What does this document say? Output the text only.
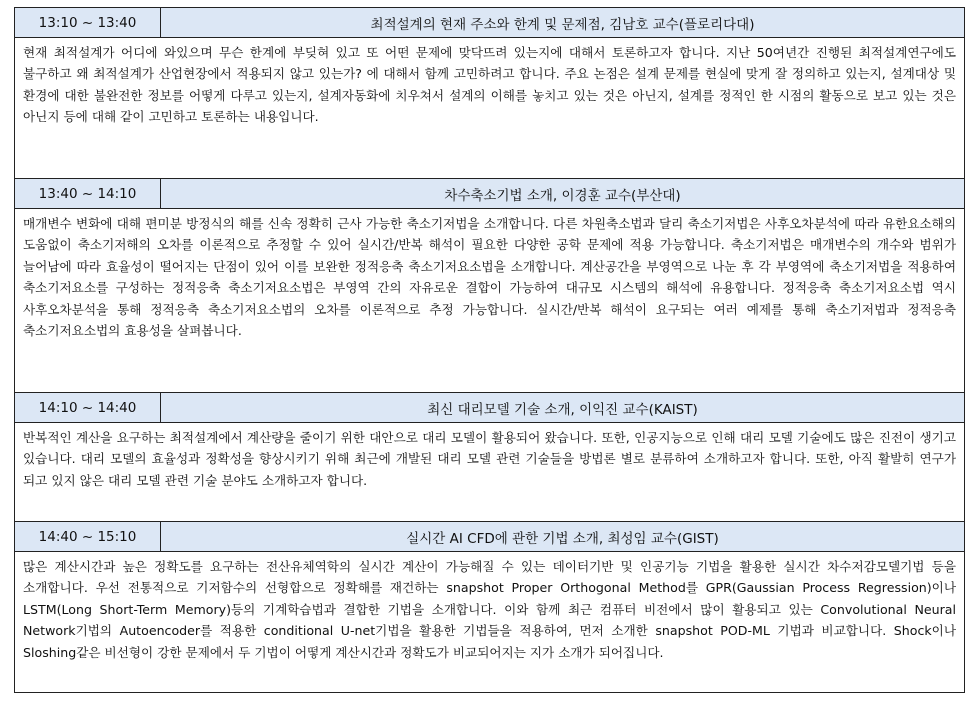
13:10 ~ 13:40	최적설계의 현재 주소와 한계 및 문제점, 김남호 교수(플로리다대)
현재 최적설계가 어디에 와있으며 무슨 한계에 부딪혀 있고 또 어떤 문제에 맞닥뜨려 있는지에 대해서 토론하고자 합니다. 지난 50여년간 진행된 최적설계연구에도 불구하고 왜 최적설계가 산업현장에서 적용되지 않고 있는가? 에 대해서 함께 고민하려고 합니다. 주요 논점은 설계 문제를 현실에 맞게 잘 정의하고 있는지, 설계대상 및 환경에 대한 불완전한 정보를 어떻게 다루고 있는지, 설계자동화에 치우쳐서 설계의 이해를 놓치고 있는 것은 아닌지, 설계를 정적인 한 시점의 활동으로 보고 있는 것은 아닌지 등에 대해 같이 고민하고 토론하는 내용입니다.	
13:40 ~ 14:10	차수축소기법 소개, 이경훈 교수(부산대)
매개변수 변화에 대해 편미분 방정식의 해를 신속 정확히 근사 가능한 축소기저법을 소개합니다. 다른 차원축소법과 달리 축소기저법은 사후오차분석에 따라 유한요소해의 도움없이 축소기저해의 오차를 이론적으로 추정할 수 있어 실시간/반복 해석이 필요한 다양한 공학 문제에 적용 가능합니다. 축소기저법은 매개변수의 개수와 범위가 늘어남에 따라 효율성이 떨어지는 단점이 있어 이를 보완한 정적응축 축소기저요소법을 소개합니다. 계산공간을 부영역으로 나눈 후 각 부영역에 축소기저법을 적용하여 축소기저요소를 구성하는 정적응축 축소기저요소법은 부영역 간의 자유로운 결합이 가능하여 대규모 시스템의 해석에 유용합니다. 정적응축 축소기저요소법 역시 사후오차분석을 통해 정적응축 축소기저요소법의 오차를 이론적으로 추정 가능합니다. 실시간/반복 해석이 요구되는 여러 예제를 통해 축소기저법과 정적응축 축소기저요소법의 효용성을 살펴봅니다.	
14:10 ~ 14:40	최신 대리모델 기술 소개, 이익진 교수(KAIST)
반복적인 계산을 요구하는 최적설계에서 계산량을 줄이기 위한 대안으로 대리 모델이 활용되어 왔습니다. 또한, 인공지능으로 인해 대리 모델 기술에도 많은 진전이 생기고 있습니다. 대리 모델의 효율성과 정확성을 향상시키기 위해 최근에 개발된 대리 모델 관련 기술들을 방법론 별로 분류하여 소개하고자 합니다. 또한, 아직 활발히 연구가 되고 있지 않은 대리 모델 관련 기술 분야도 소개하고자 합니다.	
14:40 ~ 15:10	실시간 AI CFD에 관한 기법 소개, 최성임 교수(GIST)
많은 계산시간과 높은 정확도를 요구하는 전산유체역학의 실시간 계산이 가능해질 수 있는 데이터기반 및 인공기능 기법을 활용한 실시간 차수저감모델기법 등을 소개합니다. 우선 전통적으로 기저함수의 선형합으로 정확해를 재건하는 snapshot Proper Orthogonal Method를 GPR(Gaussian Process Regression)이나 LSTM(Long Short-Term Memory)등의 기계학습법과 결합한 기법을 소개합니다. 이와 함께 최근 컴퓨터 비전에서 많이 활용되고 있는 Convolutional Neural Network기법의 Autoencoder를 적용한 conditional U-net기법을 활용한 기법들을 적용하여, 먼저 소개한 snapshot POD-ML 기법과 비교합니다. Shock이나 Sloshing같은 비선형이 강한 문제에서 두 기법이 어떻게 계산시간과 정확도가 비교되어지는 지가 소개가 되어집니다.	
